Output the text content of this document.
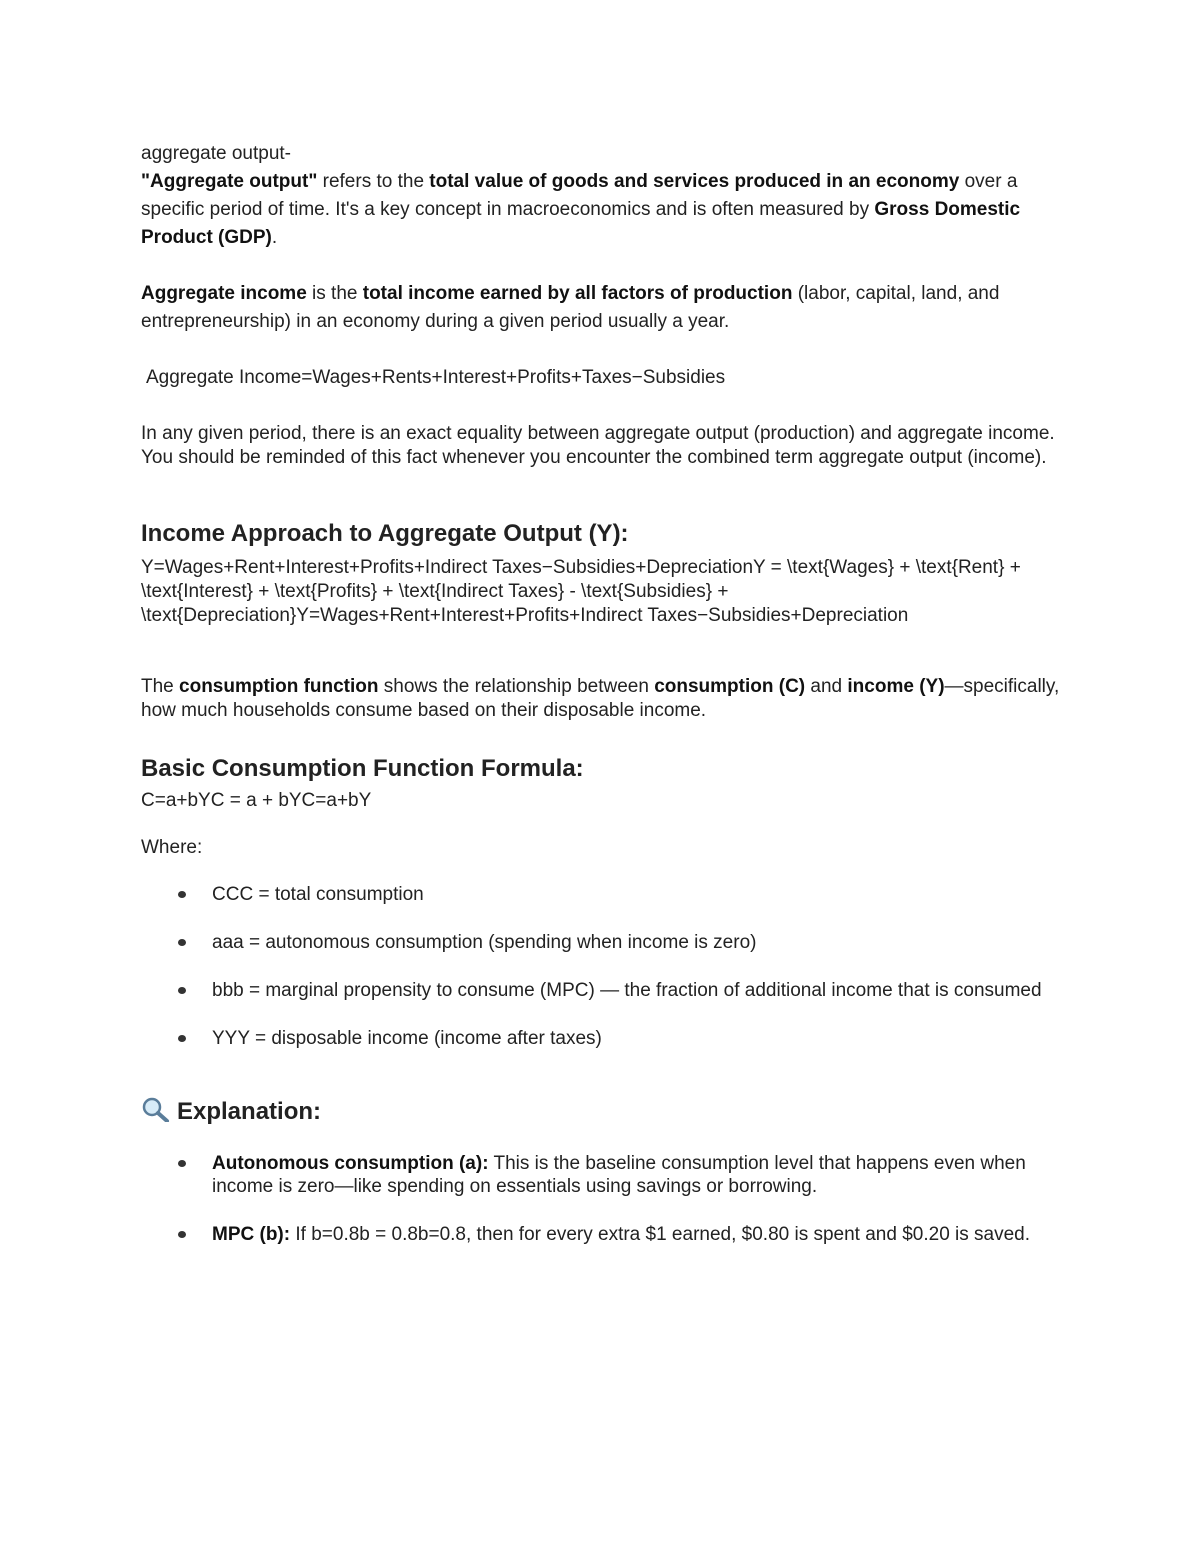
aggregate output-

"Aggregate output" refers to the total value of goods and services produced in an economy over a specific period of time. It's a key concept in macroeconomics and is often measured by Gross Domestic Product (GDP).

Aggregate income is the total income earned by all factors of production (labor, capital, land, and entrepreneurship) in an economy during a given period usually a year.

Aggregate Income=Wages+Rents+Interest+Profits+Taxes−Subsidies

In any given period, there is an exact equality between aggregate output (production) and aggregate income. You should be reminded of this fact whenever you encounter the combined term aggregate output (income).

Income Approach to Aggregate Output (Y):

Y=Wages+Rent+Interest+Profits+Indirect Taxes−Subsidies+DepreciationY = \text{Wages} + \text{Rent} + \text{Interest} + \text{Profits} + \text{Indirect Taxes} - \text{Subsidies} + \text{Depreciation}Y=Wages+Rent+Interest+Profits+Indirect Taxes−Subsidies+Depreciation

The consumption function shows the relationship between consumption (C) and income (Y)—specifically, how much households consume based on their disposable income.

Basic Consumption Function Formula:

C=a+bYC = a + bYC=a+bY

Where:

CCC = total consumption
aaa = autonomous consumption (spending when income is zero)
bbb = marginal propensity to consume (MPC) — the fraction of additional income that is consumed
YYY = disposable income (income after taxes)
Explanation:
Autonomous consumption (a): This is the baseline consumption level that happens even when income is zero—like spending on essentials using savings or borrowing.
MPC (b): If b=0.8b = 0.8b=0.8, then for every extra $1 earned, $0.80 is spent and $0.20 is saved.
